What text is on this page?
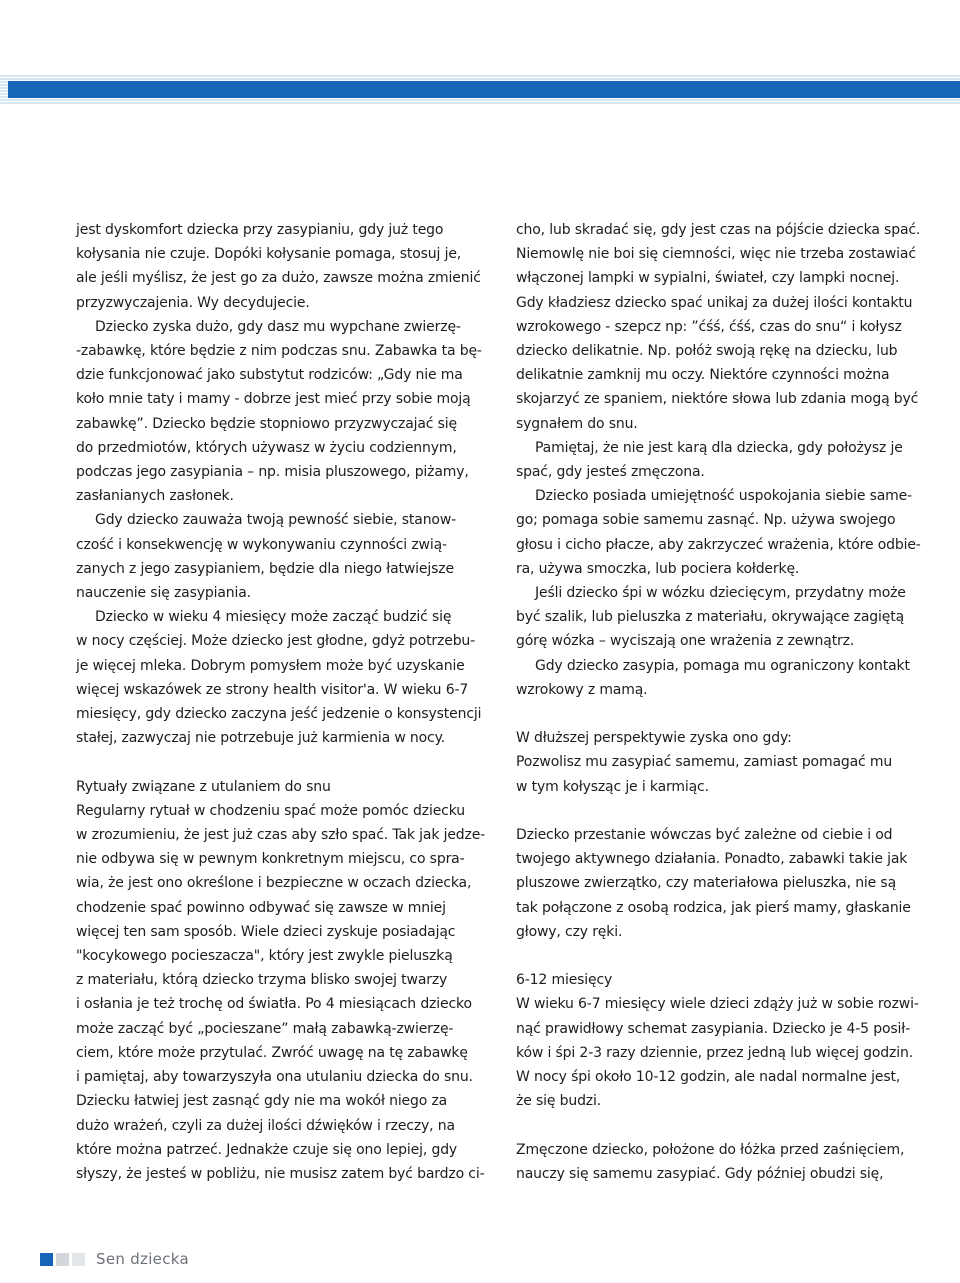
jest dyskomfort dziecka przy zasypianiu, gdy już tego

kołysania nie czuje. Dopóki kołysanie pomaga, stosuj je,

ale jeśli myślisz, że jest go za dużo, zawsze można zmienić

przyzwyczajenia. Wy decydujecie.

Dziecko zyska dużo, gdy dasz mu wypchane zwierzę-

-zabawkę, które będzie z nim podczas snu. Zabawka ta bę-

dzie funkcjonować jako substytut rodziców: „Gdy nie ma

koło mnie taty i mamy - dobrze jest mieć przy sobie moją

zabawkę”. Dziecko będzie stopniowo przyzwyczajać się

do przedmiotów, których używasz w życiu codziennym,

podczas jego zasypiania – np. misia pluszowego, piżamy,

zasłanianych zasłonek.

Gdy dziecko zauważa twoją pewność siebie, stanow-

czość i konsekwencję w wykonywaniu czynności zwią-

zanych z jego zasypianiem, będzie dla niego łatwiejsze

nauczenie się zasypiania.

Dziecko w wieku 4 miesięcy może zacząć budzić się

w nocy częściej. Może dziecko jest głodne, gdyż potrzebu-

je więcej mleka. Dobrym pomysłem może być uzyskanie

więcej wskazówek ze strony health visitor'a. W wieku 6-7

miesięcy, gdy dziecko zaczyna jeść jedzenie o konsystencji

stałej, zazwyczaj nie potrzebuje już karmienia w nocy.

Rytuały związane z utulaniem do snu

Regularny rytuał w chodzeniu spać może pomóc dziecku

w zrozumieniu, że jest już czas aby szło spać. Tak jak jedze-

nie odbywa się w pewnym konkretnym miejscu, co spra-

wia, że jest ono określone i bezpieczne w oczach dziecka,

chodzenie spać powinno odbywać się zawsze w mniej

więcej ten sam sposób. Wiele dzieci zyskuje posiadając

"kocykowego pocieszacza", który jest zwykle pieluszką

z materiału, którą dziecko trzyma blisko swojej twarzy

i osłania je też trochę od światła. Po 4 miesiącach dziecko

może zacząć być „pocieszane” małą zabawką-zwierzę-

ciem, które może przytulać. Zwróć uwagę na tę zabawkę

i pamiętaj, aby towarzyszyła ona utulaniu dziecka do snu.

Dziecku łatwiej jest zasnąć gdy nie ma wokół niego za

dużo wrażeń, czyli za dużej ilości dźwięków i rzeczy, na

które można patrzeć. Jednakże czuje się ono lepiej, gdy

słyszy, że jesteś w pobliżu, nie musisz zatem być bardzo ci-

cho, lub skradać się, gdy jest czas na pójście dziecka spać.

Niemowlę nie boi się ciemności, więc nie trzeba zostawiać

włączonej lampki w sypialni, świateł, czy lampki nocnej.

Gdy kładziesz dziecko spać unikaj za dużej ilości kontaktu

wzrokowego - szepcz np: ”ćśś, ćśś, czas do snu“ i kołysz

dziecko delikatnie. Np. połóż swoją rękę na dziecku, lub

delikatnie zamknij mu oczy. Niektóre czynności można

skojarzyć ze spaniem, niektóre słowa lub zdania mogą być

sygnałem do snu.

Pamiętaj, że nie jest karą dla dziecka, gdy położysz je

spać, gdy jesteś zmęczona.

Dziecko posiada umiejętność uspokojania siebie samе-

go; pomaga sobie samemu zasnąć. Np. używa swojego

głosu i cicho płacze, aby zakrzyczeć wrażenia, które odbie-

ra, używa smoczka, lub pociera kołderkę.

Jeśli dziecko śpi w wózku dziecięcym, przydatny może

być szalik, lub pieluszka z materiału, okrywające zagiętą

górę wózka – wyciszają one wrażenia z zewnątrz.

Gdy dziecko zasypia, pomaga mu ograniczony kontakt

wzrokowy z mamą.

W dłuższej perspektywie zyska ono gdy:

Pozwolisz mu zasypiać samemu, zamiast pomagać mu

w tym kołysząc je i karmiąc.

Dziecko przestanie wówczas być zależne od ciebie i od

twojego aktywnego działania. Ponadto, zabawki takie jak

pluszowe zwierzątko, czy materiałowa pieluszka, nie są

tak połączone z osobą rodzica, jak pierś mamy, głaskanie

głowy, czy ręki.

6-12 miesięcy

W wieku 6-7 miesięcy wiele dzieci zdąży już w sobie rozwi-

nąć prawidłowy schemat zasypiania. Dziecko je 4-5 posił-

ków i śpi 2-3 razy dziennie, przez jedną lub więcej godzin.

W nocy śpi około 10-12 godzin, ale nadal normalne jest,

że się budzi.

Zmęczone dziecko, położone do łóżka przed zaśnięciem,

nauczy się samemu zasypiać. Gdy później obudzi się,

Sen dziecka
